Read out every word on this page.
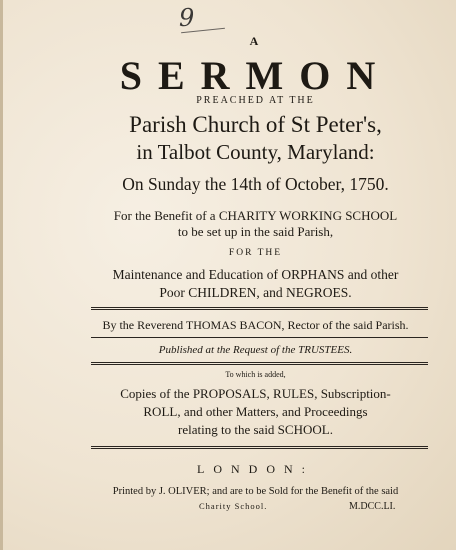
9
A
SERMON
PREACHED AT THE
Parish Church of St Peter's,
in Talbot County, Maryland:
On Sunday the 14th of October, 1750.
For the Benefit of a CHARITY WORKING SCHOOL
to be set up in the said Parish,
FOR THE
Maintenance and Education of ORPHANS and other
Poor CHILDREN, and NEGROES.
By the Reverend THOMAS BACON, Rector of the said Parish.
Published at the Request of the TRUSTEES.
To which is added,
Copies of the PROPOSALS, RULES, Subscription-
ROLL, and other Matters, and Proceedings
relating to the said SCHOOL.
LONDON:
Printed by J. OLIVER; and are to be Sold for the Benefit of the said
Charity School.	M.DCC.LI.
